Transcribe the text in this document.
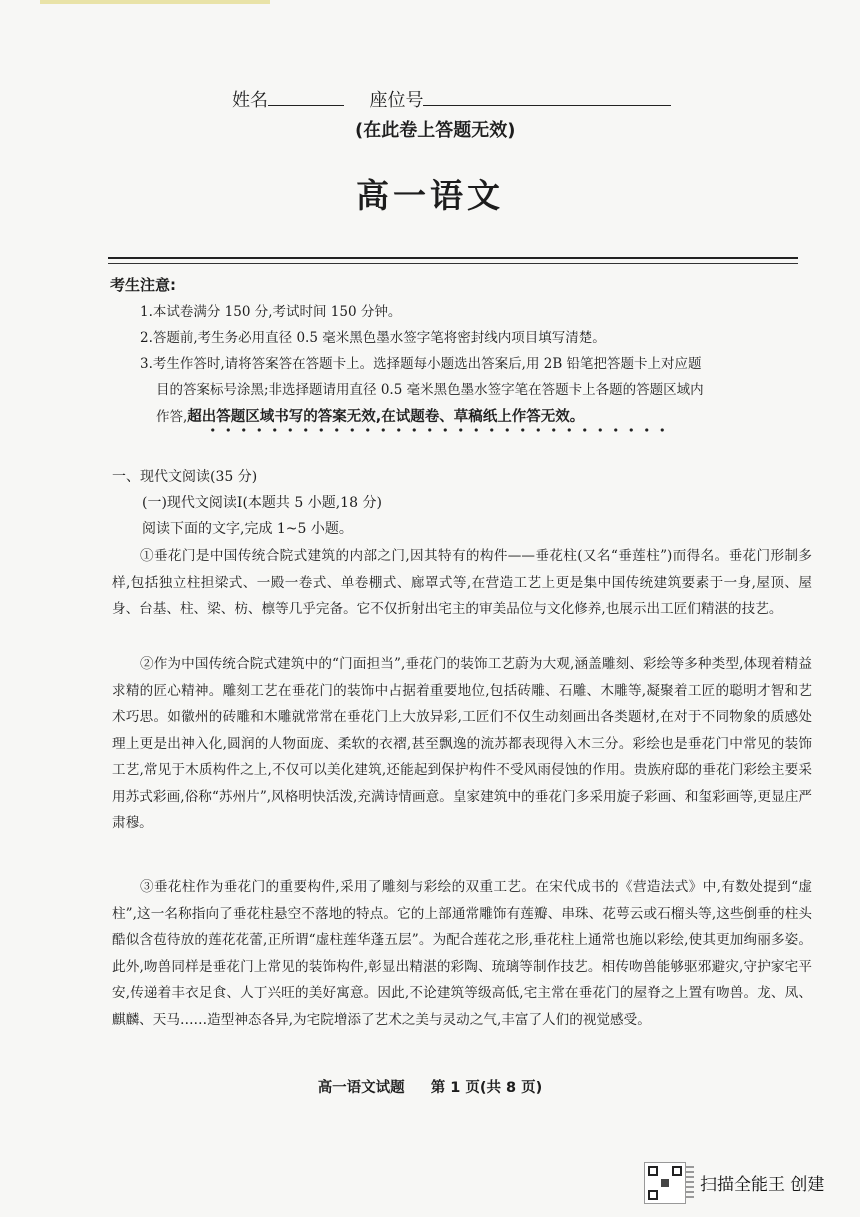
姓名	座位号
(在此卷上答题无效)
高一语文
考生注意:
1.本试卷满分 150 分,考试时间 150 分钟。
2.答题前,考生务必用直径 0.5 毫米黑色墨水签字笔将密封线内项目填写清楚。
3.考生作答时,请将答案答在答题卡上。选择题每小题选出答案后,用 2B 铅笔把答题卡上对应题
目的答案标号涂黑;非选择题请用直径 0.5 毫米黑色墨水签字笔在答题卡上各题的答题区域内
作答,超出答题区域书写的答案无效,在试题卷、草稿纸上作答无效。
一、现代文阅读(35 分)
(一)现代文阅读Ⅰ(本题共 5 小题,18 分)
阅读下面的文字,完成 1~5 小题。
①垂花门是中国传统合院式建筑的内部之门,因其特有的构件——垂花柱(又名“垂莲柱”)而得名。垂花门形制多样,包括独立柱担梁式、一殿一卷式、单卷棚式、廊罩式等,在营造工艺上更是集中国传统建筑要素于一身,屋顶、屋身、台基、柱、梁、枋、檩等几乎完备。它不仅折射出宅主的审美品位与文化修养,也展示出工匠们精湛的技艺。
②作为中国传统合院式建筑中的“门面担当”,垂花门的装饰工艺蔚为大观,涵盖雕刻、彩绘等多种类型,体现着精益求精的匠心精神。雕刻工艺在垂花门的装饰中占据着重要地位,包括砖雕、石雕、木雕等,凝聚着工匠的聪明才智和艺术巧思。如徽州的砖雕和木雕就常常在垂花门上大放异彩,工匠们不仅生动刻画出各类题材,在对于不同物象的质感处理上更是出神入化,圆润的人物面庞、柔软的衣褶,甚至飘逸的流苏都表现得入木三分。彩绘也是垂花门中常见的装饰工艺,常见于木质构件之上,不仅可以美化建筑,还能起到保护构件不受风雨侵蚀的作用。贵族府邸的垂花门彩绘主要采用苏式彩画,俗称“苏州片”,风格明快活泼,充满诗情画意。皇家建筑中的垂花门多采用旋子彩画、和玺彩画等,更显庄严肃穆。
③垂花柱作为垂花门的重要构件,采用了雕刻与彩绘的双重工艺。在宋代成书的《营造法式》中,有数处提到“虚柱”,这一名称指向了垂花柱悬空不落地的特点。它的上部通常雕饰有莲瓣、串珠、花萼云或石榴头等,这些倒垂的柱头酷似含苞待放的莲花花蕾,正所谓“虚柱莲华蓬五层”。为配合莲花之形,垂花柱上通常也施以彩绘,使其更加绚丽多姿。此外,吻兽同样是垂花门上常见的装饰构件,彰显出精湛的彩陶、琉璃等制作技艺。相传吻兽能够驱邪避灾,守护家宅平安,传递着丰衣足食、人丁兴旺的美好寓意。因此,不论建筑等级高低,宅主常在垂花门的屋脊之上置有吻兽。龙、凤、麒麟、天马……造型神态各异,为宅院增添了艺术之美与灵动之气,丰富了人们的视觉感受。
高一语文试题 第 1 页(共 8 页)
扫描全能王 创建
